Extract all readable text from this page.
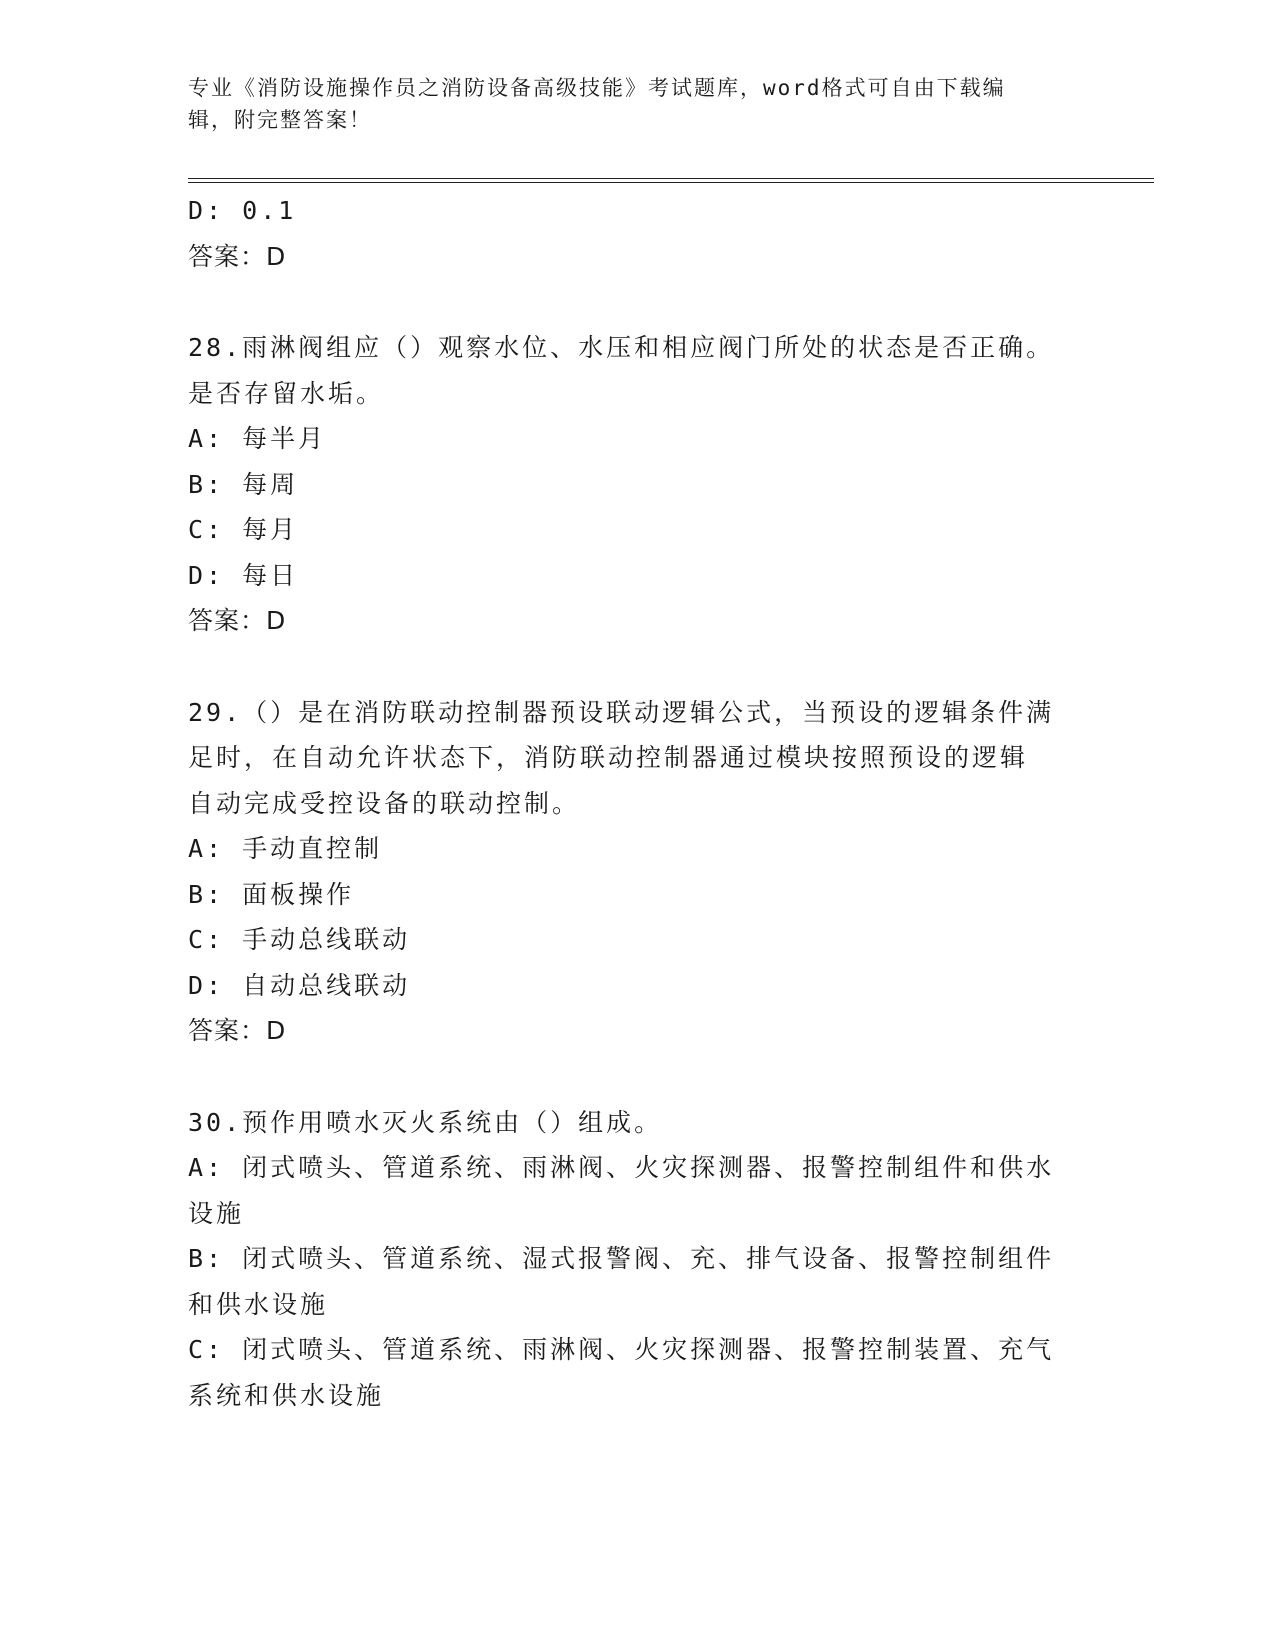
专业《消防设施操作员之消防设备高级技能》考试题库，word格式可自由下载编
辑，附完整答案！
D: 0.1
答案：D
28.雨淋阀组应（）观察水位、水压和相应阀门所处的状态是否正确。
是否存留水垢。
A: 每半月
B: 每周
C: 每月
D: 每日
答案：D
29.（）是在消防联动控制器预设联动逻辑公式，当预设的逻辑条件满
足时，在自动允许状态下，消防联动控制器通过模块按照预设的逻辑
自动完成受控设备的联动控制。
A: 手动直控制
B: 面板操作
C: 手动总线联动
D: 自动总线联动
答案：D
30.预作用喷水灭火系统由（）组成。
A: 闭式喷头、管道系统、雨淋阀、火灾探测器、报警控制组件和供水
设施
B: 闭式喷头、管道系统、湿式报警阀、充、排气设备、报警控制组件
和供水设施
C: 闭式喷头、管道系统、雨淋阀、火灾探测器、报警控制装置、充气
系统和供水设施
